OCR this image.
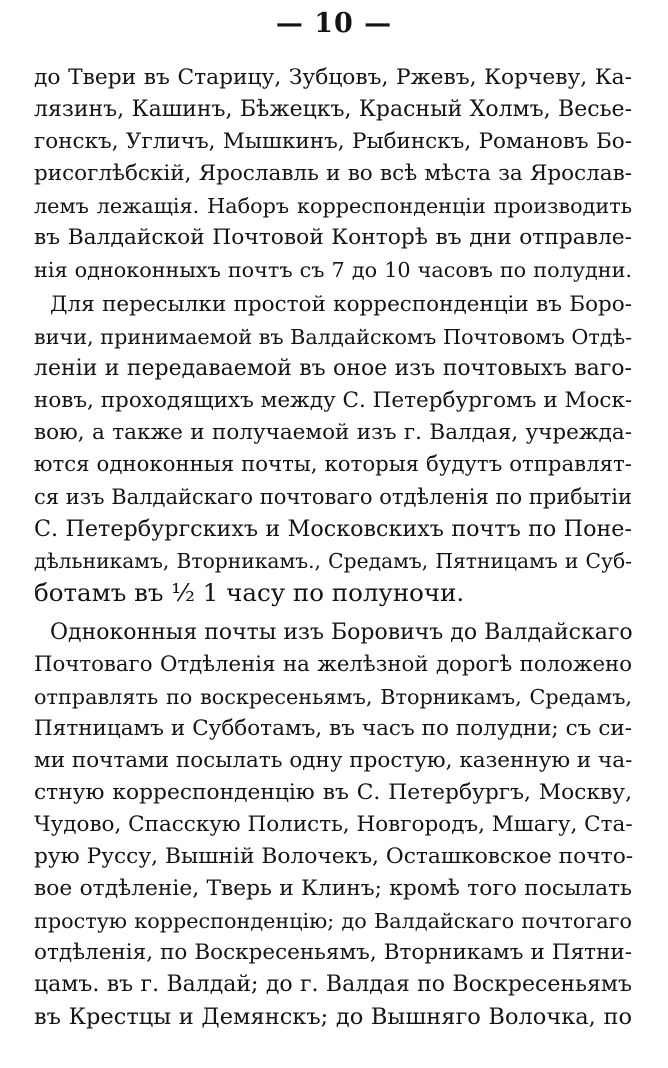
— 10 —
до Твери въ Старицу, Зубцовъ, Ржевъ, Корчеву, Ка-
лязинъ, Кашинъ, Бѣжецкъ, Красный Холмъ, Весье-
гонскъ, Угличъ, Мышкинъ, Рыбинскъ, Романовъ Бо-
рисоглѣбскій, Ярославль и во всѣ мѣста за Ярослав-
лемъ лежащія. Наборъ корреспонденціи производить
въ Валдайской Почтовой Конторѣ въ дни отправле-
нія одноконныхъ почтъ съ 7 до 10 часовъ по полудни.
Для пересылки простой корреспонденціи въ Боро-
вичи, принимаемой въ Валдайскомъ Почтовомъ Отдѣ-
леніи и передаваемой въ оное изъ почтовыхъ ваго-
новъ, проходящихъ между С. Петербургомъ и Моск-
вою, а также и получаемой изъ г. Валдая, учрежда-
ются одноконныя почты, которыя будутъ отправлят-
ся изъ Валдайскаго почтоваго отдѣленія по прибытіи
С. Петербургскихъ и Московскихъ почтъ по Поне-
дѣльникамъ, Вторникамъ., Средамъ, Пятницамъ и Суб-
ботамъ въ ½ 1 часу по полуночи.
Одноконныя почты изъ Боровичъ до Валдайскаго
Почтоваго Отдѣленія на желѣзной дорогѣ положено
отправлять по воскресеньямъ, Вторникамъ, Средамъ,
Пятницамъ и Субботамъ, въ часъ по полудни; съ си-
ми почтами посылать одну простую, казенную и ча-
стную корреспонденцію въ С. Петербургъ, Москву,
Чудово, Спасскую Полисть, Новгородъ, Мшагу, Ста-
рую Руссу, Вышній Волочекъ, Осташковское почто-
вое отдѣленіе, Тверь и Клинъ; кромѣ того посылать
простую корреспонденцію; до Валдайскаго почтогаго
отдѣленія, по Воскресеньямъ, Вторникамъ и Пятни-
цамъ. въ г. Валдай; до г. Валдая по Воскресеньямъ
въ Крестцы и Демянскъ; до Вышняго Волочка, по
